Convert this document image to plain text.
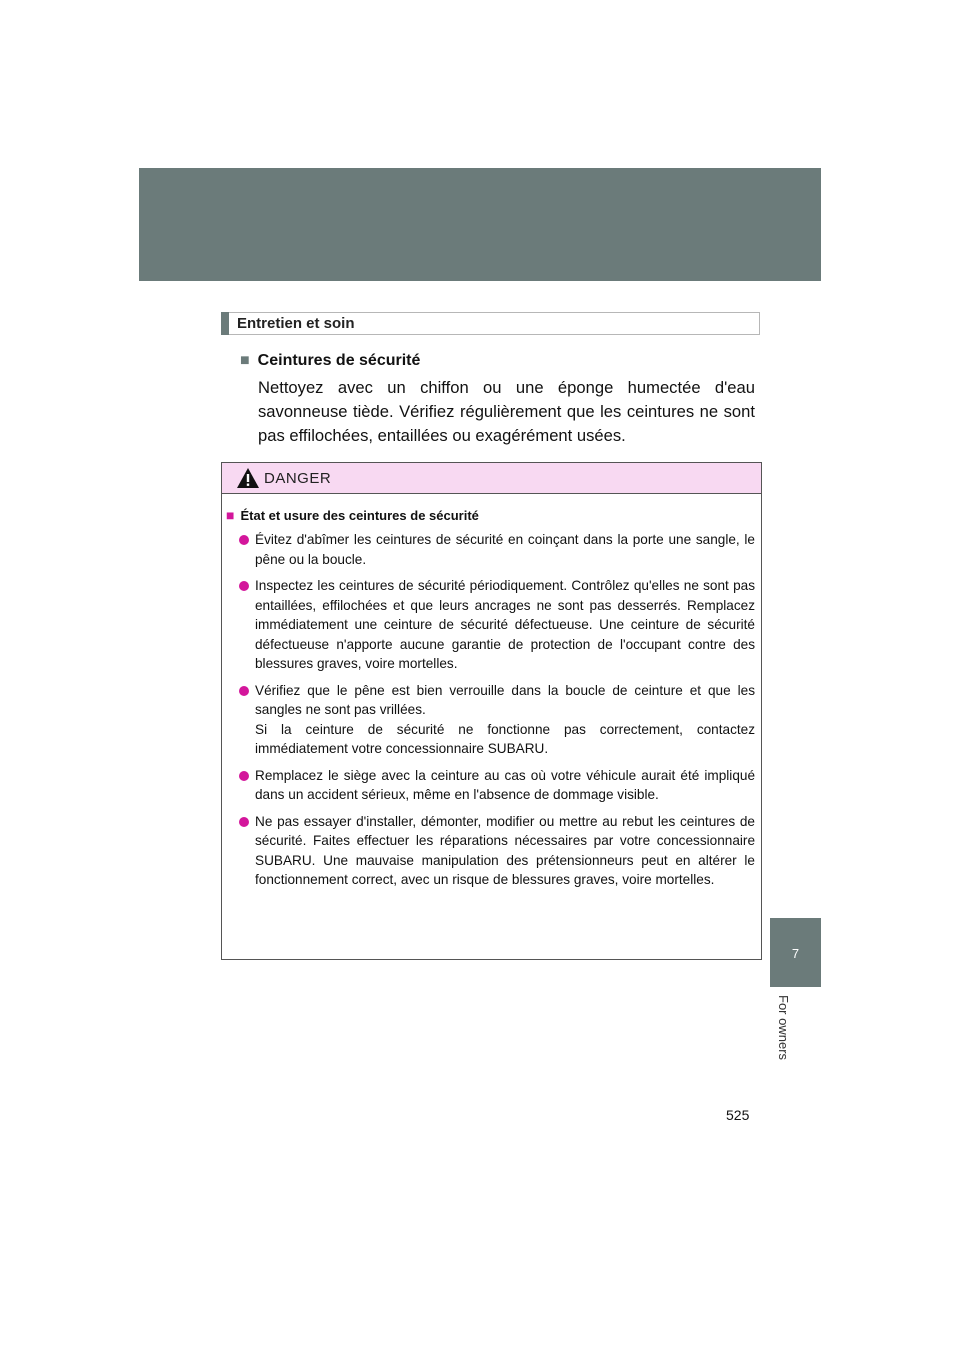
7
For owners
Entretien et soin
■ Ceintures de sécurité

Nettoyez avec un chiffon ou une éponge humectée d'eau savonneuse tiède. Vérifiez régulièrement que les ceintures ne sont pas effilochées, entaillées ou exagérément usées.

DANGER
■ État et usure des ceintures de sécurité
Évitez d'abîmer les ceintures de sécurité en coinçant dans la porte une sangle, le pêne ou la boucle.
Inspectez les ceintures de sécurité périodiquement. Contrôlez qu'elles ne sont pas entaillées, effilochées et que leurs ancrages ne sont pas desserrés. Remplacez immédiatement une ceinture de sécurité défectueuse. Une ceinture de sécurité défectueuse n'apporte aucune garantie de protection de l'occupant contre des blessures graves, voire mortelles.
Vérifiez que le pêne est bien verrouille dans la boucle de ceinture et que les sangles ne sont pas vrillées.
Si la ceinture de sécurité ne fonctionne pas correctement, contactez immédiatement votre concessionnaire SUBARU.
Remplacez le siège avec la ceinture au cas où votre véhicule aurait été impliqué dans un accident sérieux, même en l'absence de dommage visible.
Ne pas essayer d'installer, démonter, modifier ou mettre au rebut les ceintures de sécurité. Faites effectuer les réparations nécessaires par votre concessionnaire SUBARU. Une mauvaise manipulation des prétensionneurs peut en altérer le fonctionnement correct, avec un risque de blessures graves, voire mortelles.
525
